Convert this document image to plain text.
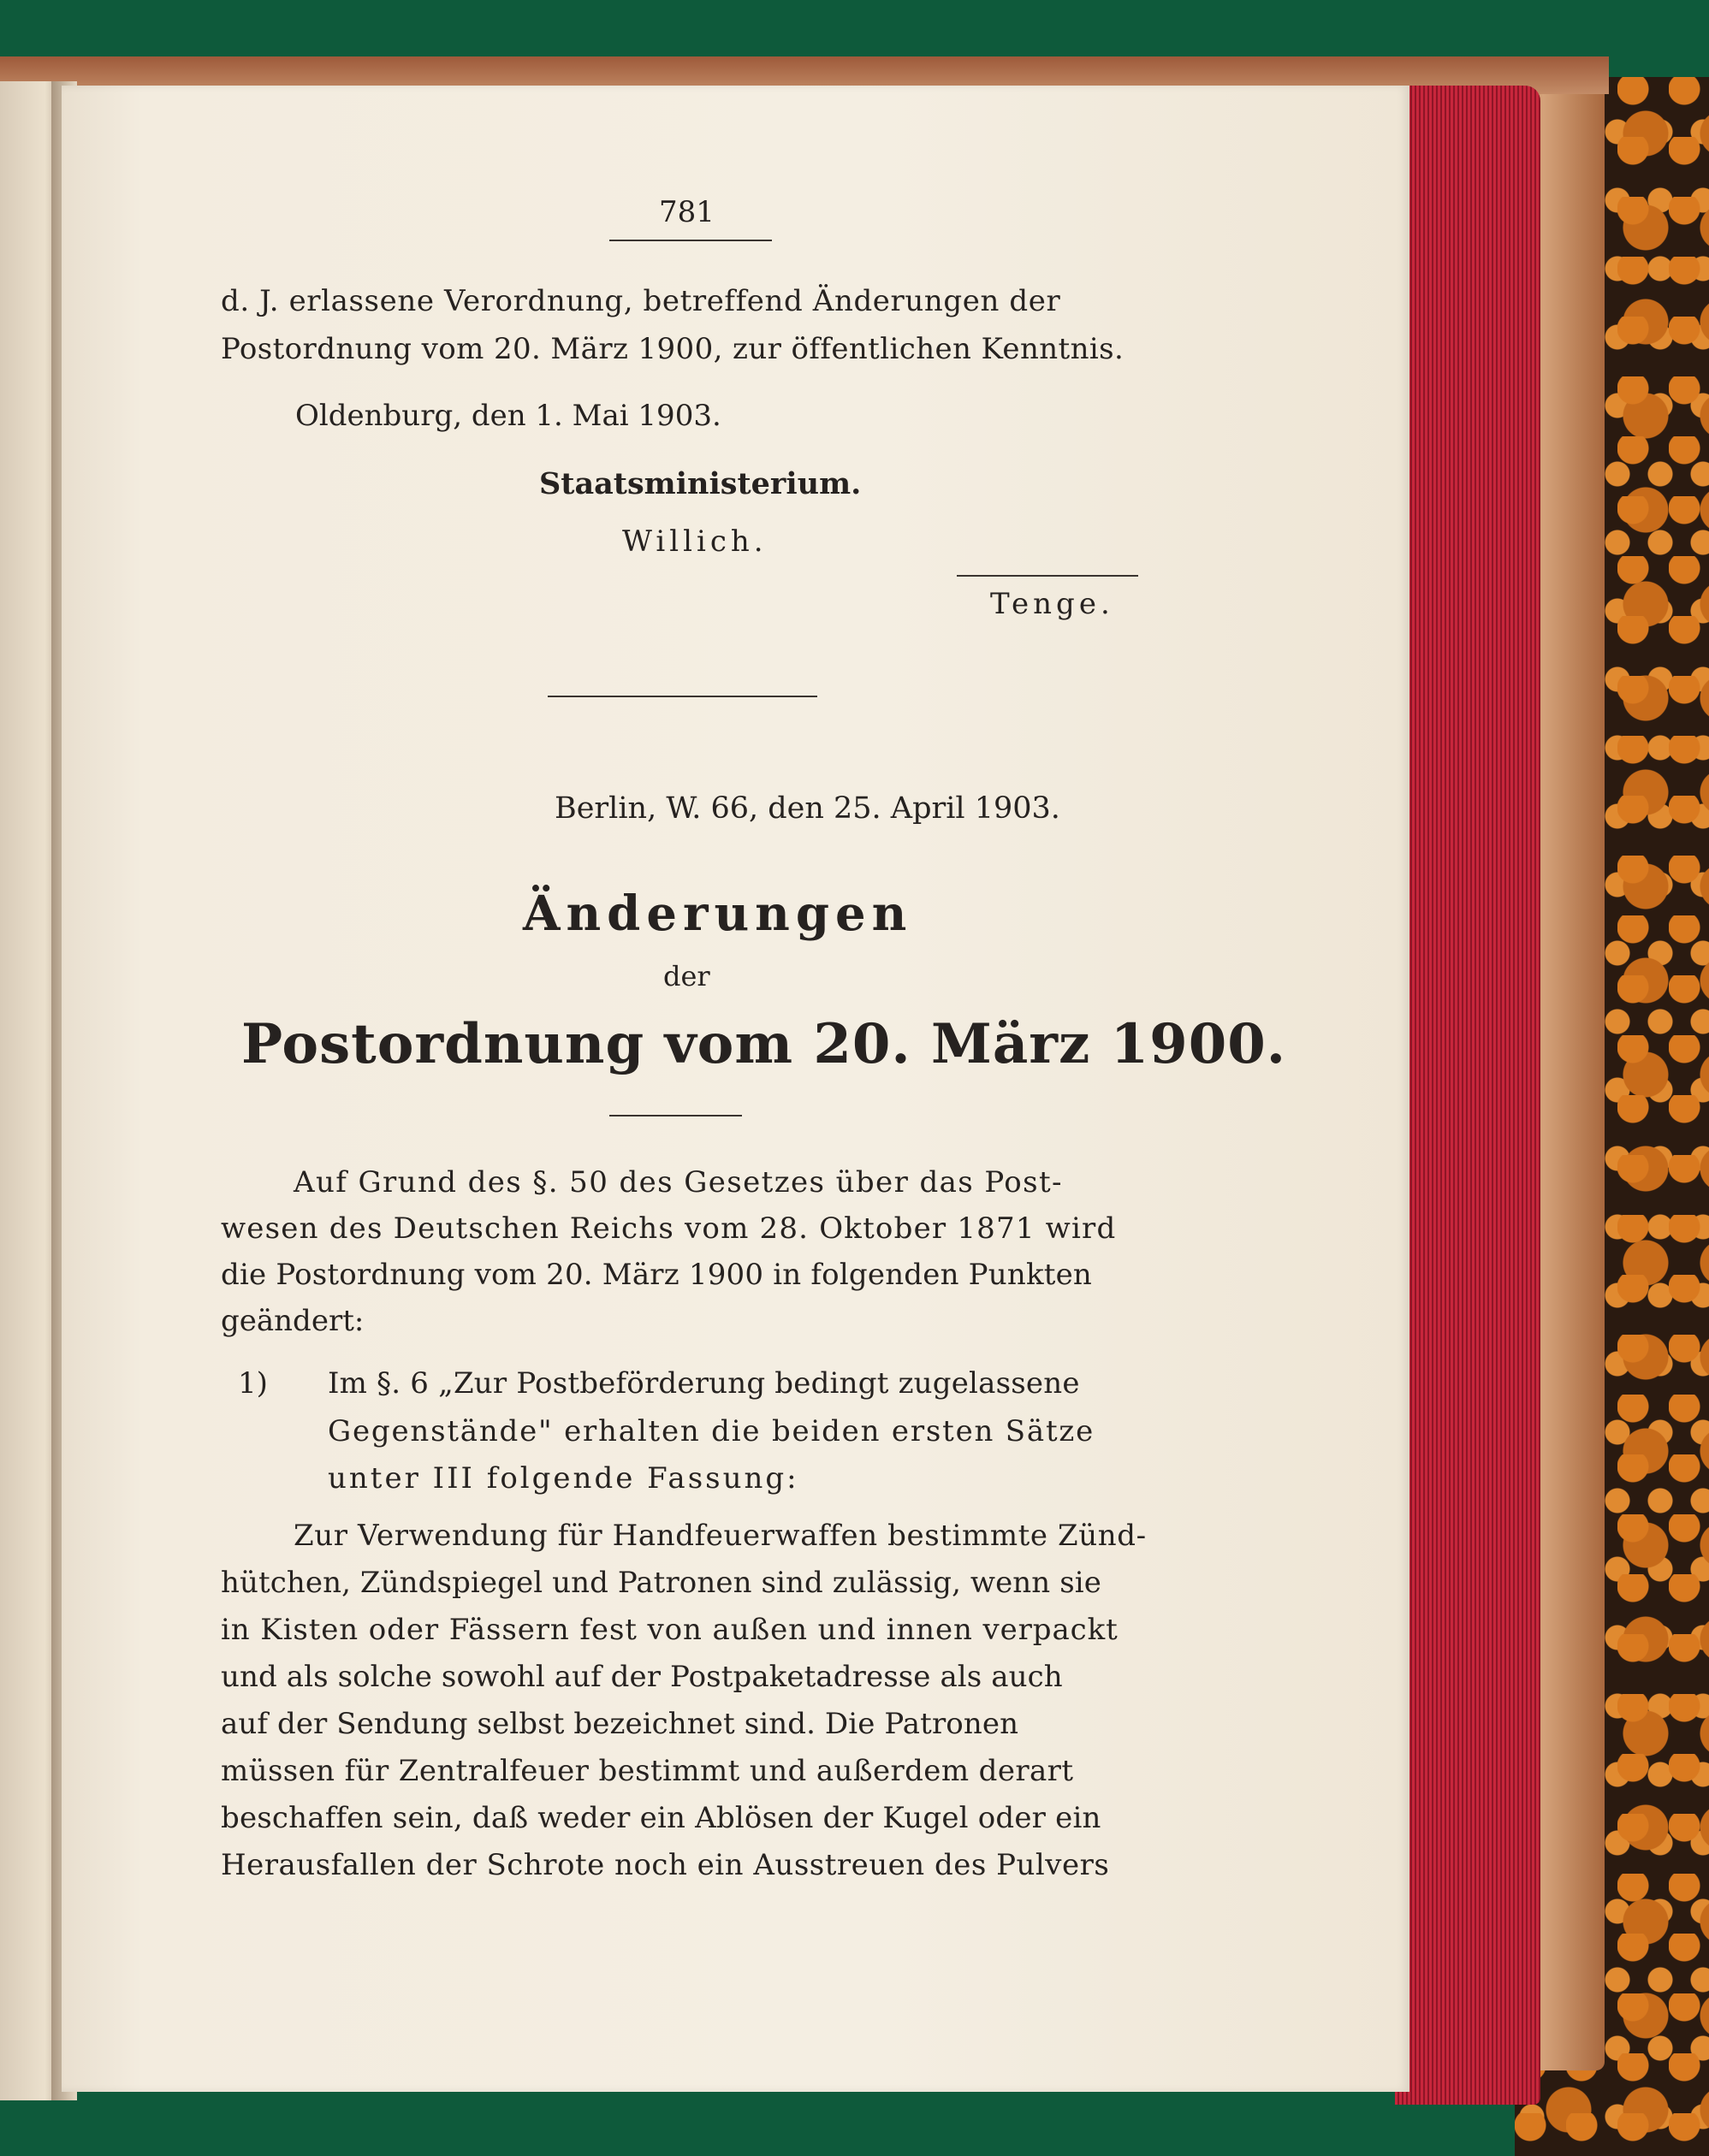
781

d. J. erlassene Verordnung, betreffend Änderungen der

Postordnung vom 20. März 1900, zur öffentlichen Kenntnis.

Oldenburg, den 1. Mai 1903.

Staatsministerium.

Willich.

Tenge.

Berlin, W. 66, den 25. April 1903.

Änderungen

der

Postordnung vom 20. März 1900.

Auf Grund des §. 50 des Gesetzes über das Post-

wesen des Deutschen Reichs vom 28. Oktober 1871 wird

die Postordnung vom 20. März 1900 in folgenden Punkten

geändert:

1) Im §. 6 „Zur Postbeförderung bedingt zugelassene

Gegenstände" erhalten die beiden ersten Sätze

unter III folgende Fassung:

Zur Verwendung für Handfeuerwaffen bestimmte Zünd-

hütchen, Zündspiegel und Patronen sind zulässig, wenn sie

in Kisten oder Fässern fest von außen und innen verpackt

und als solche sowohl auf der Postpaketadresse als auch

auf der Sendung selbst bezeichnet sind. Die Patronen

müssen für Zentralfeuer bestimmt und außerdem derart

beschaffen sein, daß weder ein Ablösen der Kugel oder ein

Herausfallen der Schrote noch ein Ausstreuen des Pulvers
